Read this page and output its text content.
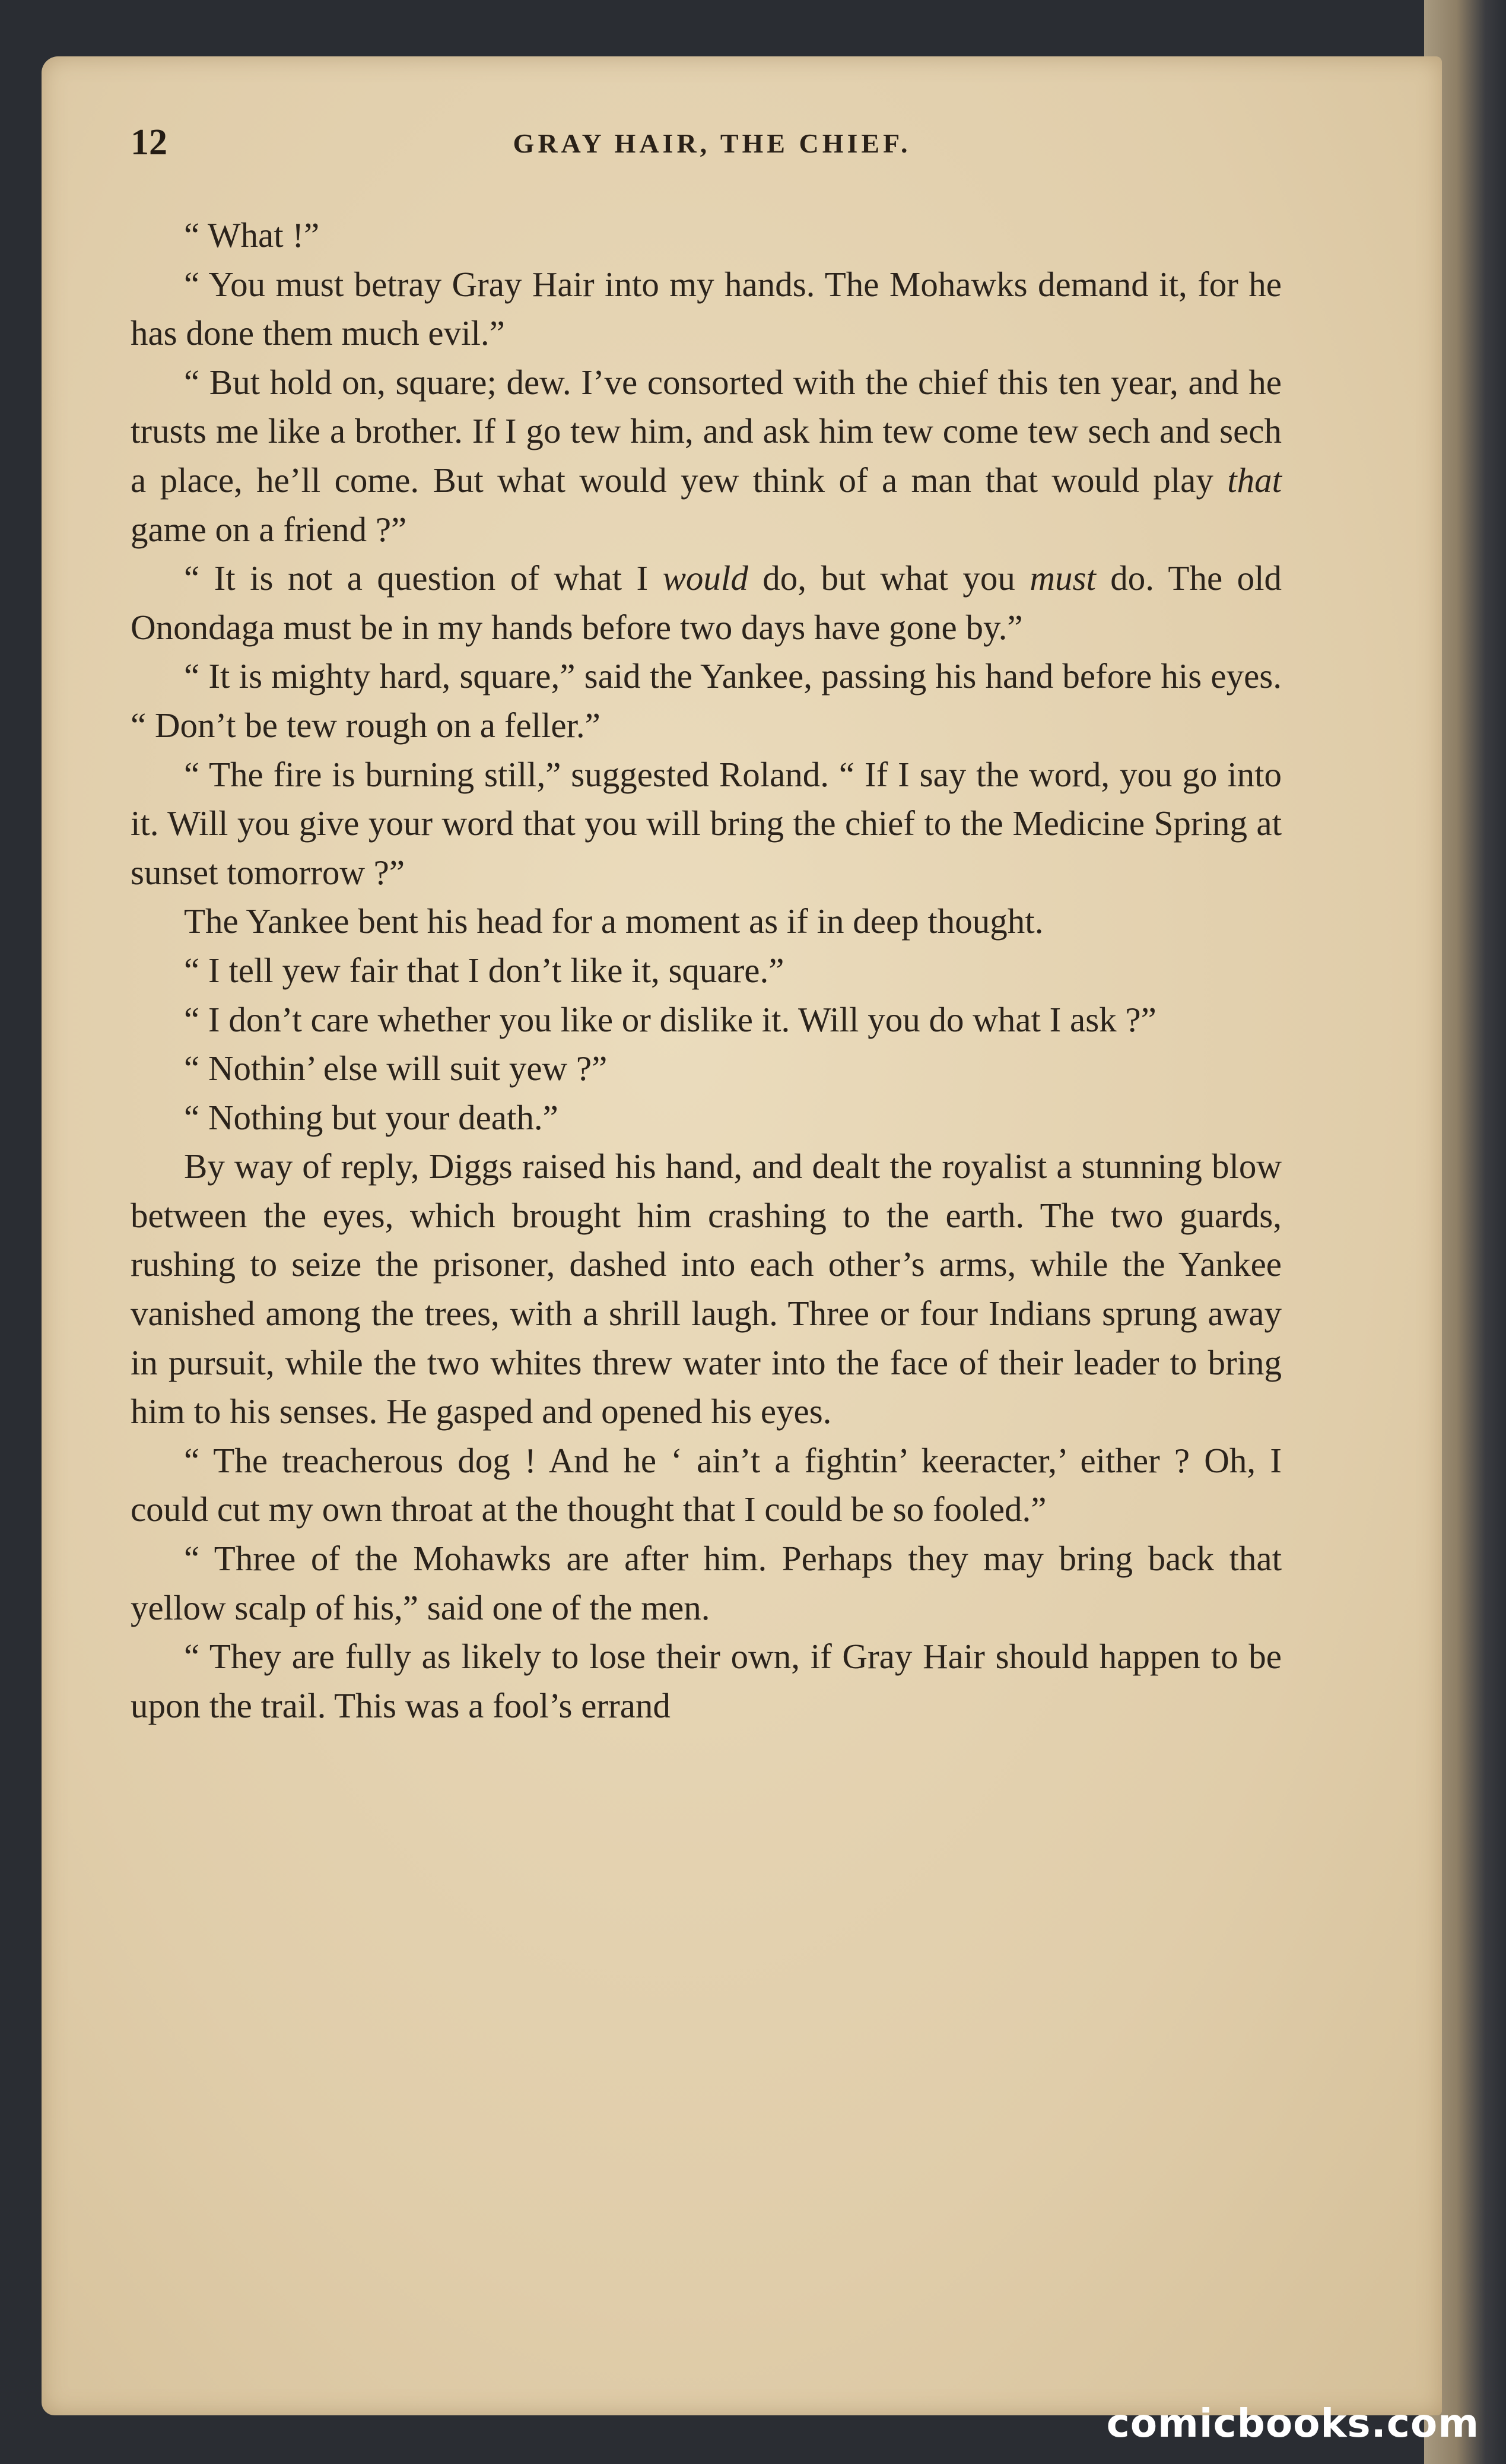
12	GRAY HAIR, THE CHIEF.

“ What !”

“ You must betray Gray Hair into my hands. The Mohawks demand it, for he has done them much evil.”

“ But hold on, square; dew. I’ve consorted with the chief this ten year, and he trusts me like a brother. If I go tew him, and ask him tew come tew sech and sech a place, he’ll come. But what would yew think of a man that would play that game on a friend ?”

“ It is not a question of what I would do, but what you must do. The old Onondaga must be in my hands before two days have gone by.”

“ It is mighty hard, square,” said the Yankee, passing his hand before his eyes. “ Don’t be tew rough on a feller.”

“ The fire is burning still,” suggested Roland. “ If I say the word, you go into it. Will you give your word that you will bring the chief to the Medicine Spring at sunset tomorrow ?”

The Yankee bent his head for a moment as if in deep thought.

“ I tell yew fair that I don’t like it, square.”

“ I don’t care whether you like or dislike it. Will you do what I ask ?”

“ Nothin’ else will suit yew ?”

“ Nothing but your death.”

By way of reply, Diggs raised his hand, and dealt the royalist a stunning blow between the eyes, which brought him crashing to the earth. The two guards, rushing to seize the prisoner, dashed into each other’s arms, while the Yankee vanished among the trees, with a shrill laugh. Three or four Indians sprung away in pursuit, while the two whites threw water into the face of their leader to bring him to his senses. He gasped and opened his eyes.

“ The treacherous dog ! And he ‘ ain’t a fightin’ keeracter,’ either ? Oh, I could cut my own throat at the thought that I could be so fooled.”

“ Three of the Mohawks are after him. Perhaps they may bring back that yellow scalp of his,” said one of the men.

“ They are fully as likely to lose their own, if Gray Hair should happen to be upon the trail. This was a fool’s errand

comicbooks.com
